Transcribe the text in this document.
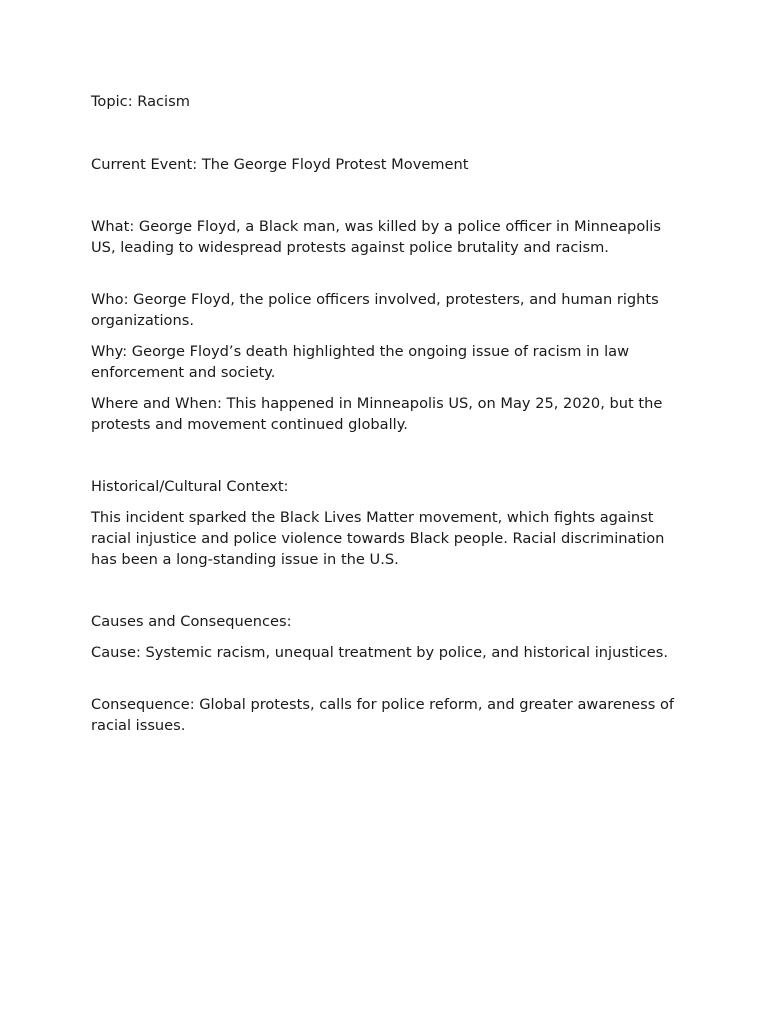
Topic: Racism

Current Event: The George Floyd Protest Movement

What: George Floyd, a Black man, was killed by a police officer in Minneapolis US, leading to widespread protests against police brutality and racism.

Who: George Floyd, the police officers involved, protesters, and human rights organizations.

Why: George Floyd’s death highlighted the ongoing issue of racism in law enforcement and society.

Where and When: This happened in Minneapolis US, on May 25, 2020, but the protests and movement continued globally.

Historical/Cultural Context:

This incident sparked the Black Lives Matter movement, which fights against racial injustice and police violence towards Black people. Racial discrimination has been a long-standing issue in the U.S.

Causes and Consequences:

Cause: Systemic racism, unequal treatment by police, and historical injustices.

Consequence: Global protests, calls for police reform, and greater awareness of racial issues.
